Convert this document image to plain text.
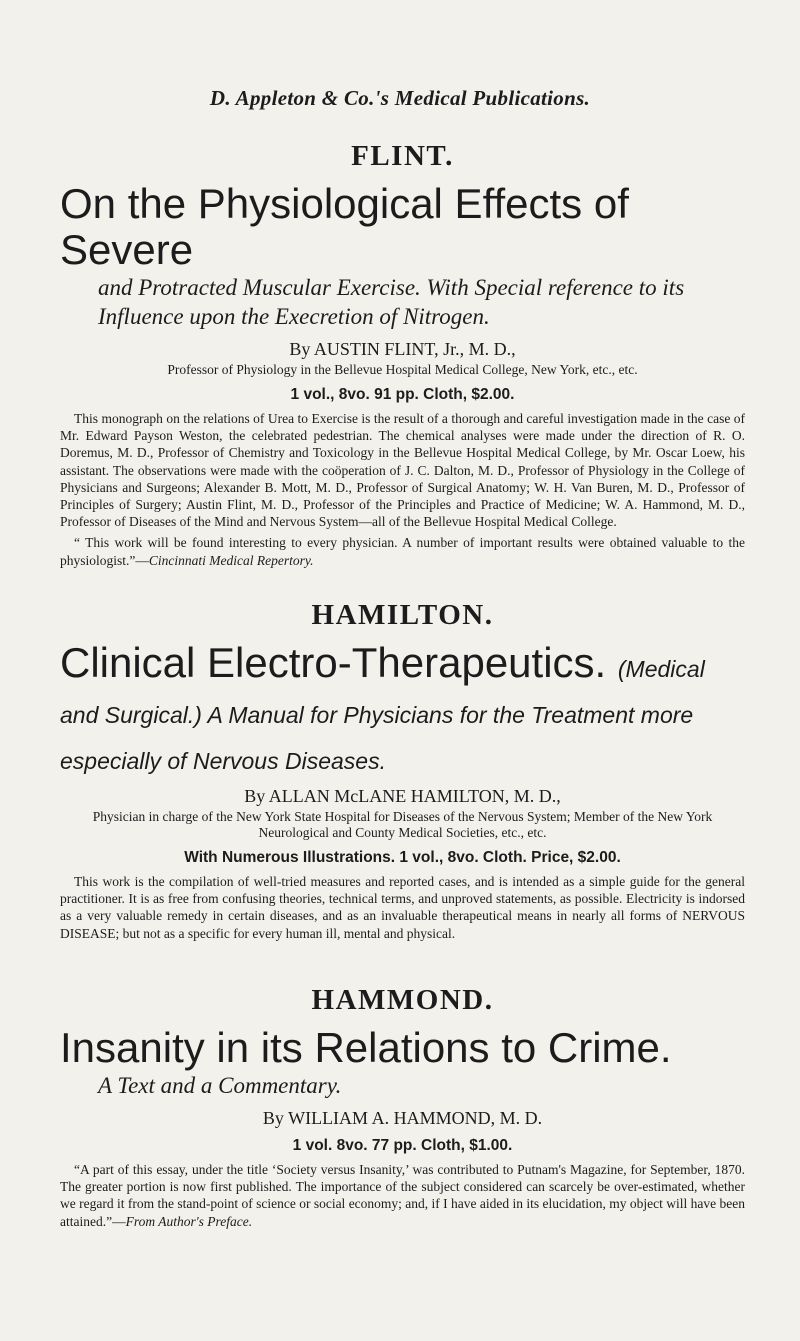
D. Appleton & Co.'s Medical Publications.
FLINT.

On the Physiological Effects of Severe

and Protracted Muscular Exercise. With Special reference to its Influence upon the Execretion of Nitrogen.

By AUSTIN FLINT, Jr., M. D.,

Professor of Physiology in the Bellevue Hospital Medical College, New York, etc., etc.

1 vol., 8vo. 91 pp. Cloth, $2.00.

This monograph on the relations of Urea to Exercise is the result of a thorough and careful investigation made in the case of Mr. Edward Payson Weston, the celebrated pedestrian. The chemical analyses were made under the direction of R. O. Doremus, M. D., Professor of Chemistry and Toxicology in the Bellevue Hospital Medical College, by Mr. Oscar Loew, his assistant. The observations were made with the coöperation of J. C. Dalton, M. D., Professor of Physiology in the College of Physicians and Surgeons; Alexander B. Mott, M. D., Professor of Surgical Anatomy; W. H. Van Buren, M. D., Professor of Principles of Surgery; Austin Flint, M. D., Professor of the Principles and Practice of Medicine; W. A. Hammond, M. D., Professor of Diseases of the Mind and Nervous System—all of the Bellevue Hospital Medical College.

“ This work will be found interesting to every physician. A number of important results were obtained valuable to the physiologist.”—Cincinnati Medical Repertory.

HAMILTON.

Clinical Electro-Therapeutics. (Medical and Surgical.) A Manual for Physicians for the Treatment more especially of Nervous Diseases.

By ALLAN McLANE HAMILTON, M. D.,

Physician in charge of the New York State Hospital for Diseases of the Nervous System; Member of the New York Neurological and County Medical Societies, etc., etc.

With Numerous Illustrations. 1 vol., 8vo. Cloth. Price, $2.00.

This work is the compilation of well-tried measures and reported cases, and is intended as a simple guide for the general practitioner. It is as free from confusing theories, technical terms, and unproved statements, as possible. Electricity is indorsed as a very valuable remedy in certain diseases, and as an invaluable therapeutical means in nearly all forms of NERVOUS DISEASE; but not as a specific for every human ill, mental and physical.

HAMMOND.

Insanity in its Relations to Crime.

A Text and a Commentary.

By WILLIAM A. HAMMOND, M. D.

1 vol. 8vo. 77 pp. Cloth, $1.00.

“A part of this essay, under the title ‘Society versus Insanity,’ was contributed to Putnam's Magazine, for September, 1870. The greater portion is now first published. The importance of the subject considered can scarcely be over-estimated, whether we regard it from the stand-point of science or social economy; and, if I have aided in its elucidation, my object will have been attained.”—From Author's Preface.
